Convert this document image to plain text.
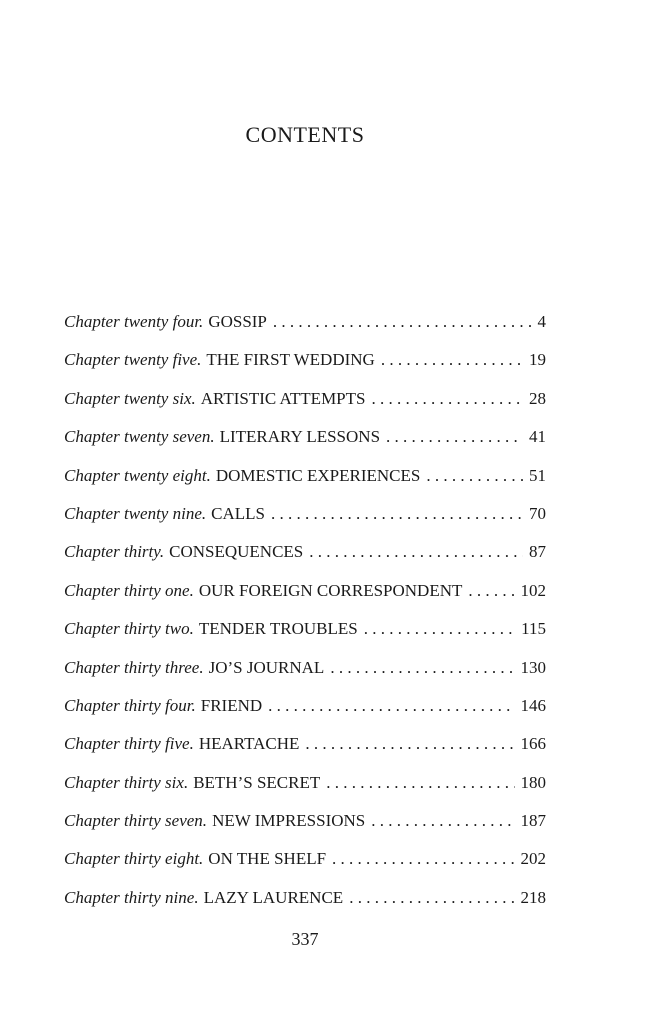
CONTENTS
Chapter twenty four. GOSSIP . . .	4
Chapter twenty five. THE FIRST WEDDING . . .	19
Chapter twenty six. ARTISTIC ATTEMPTS . . .	28
Chapter twenty seven. LITERARY LESSONS . . .	41
Chapter twenty eight. DOMESTIC EXPERIENCES . . .	51
Chapter twenty nine. CALLS . . .	70
Chapter thirty. CONSEQUENCES . . .	87
Chapter thirty one. OUR FOREIGN CORRESPONDENT . . .	102
Chapter thirty two. TENDER TROUBLES . . .	115
Chapter thirty three. JO’S JOURNAL . . .	130
Chapter thirty four. FRIEND . . .	146
Chapter thirty five. HEARTACHE . . .	166
Chapter thirty six. BETH’S SECRET . . .	180
Chapter thirty seven. NEW IMPRESSIONS . . .	187
Chapter thirty eight. ON THE SHELF . . .	202
Chapter thirty nine. LAZY LAURENCE . . .	218
337
